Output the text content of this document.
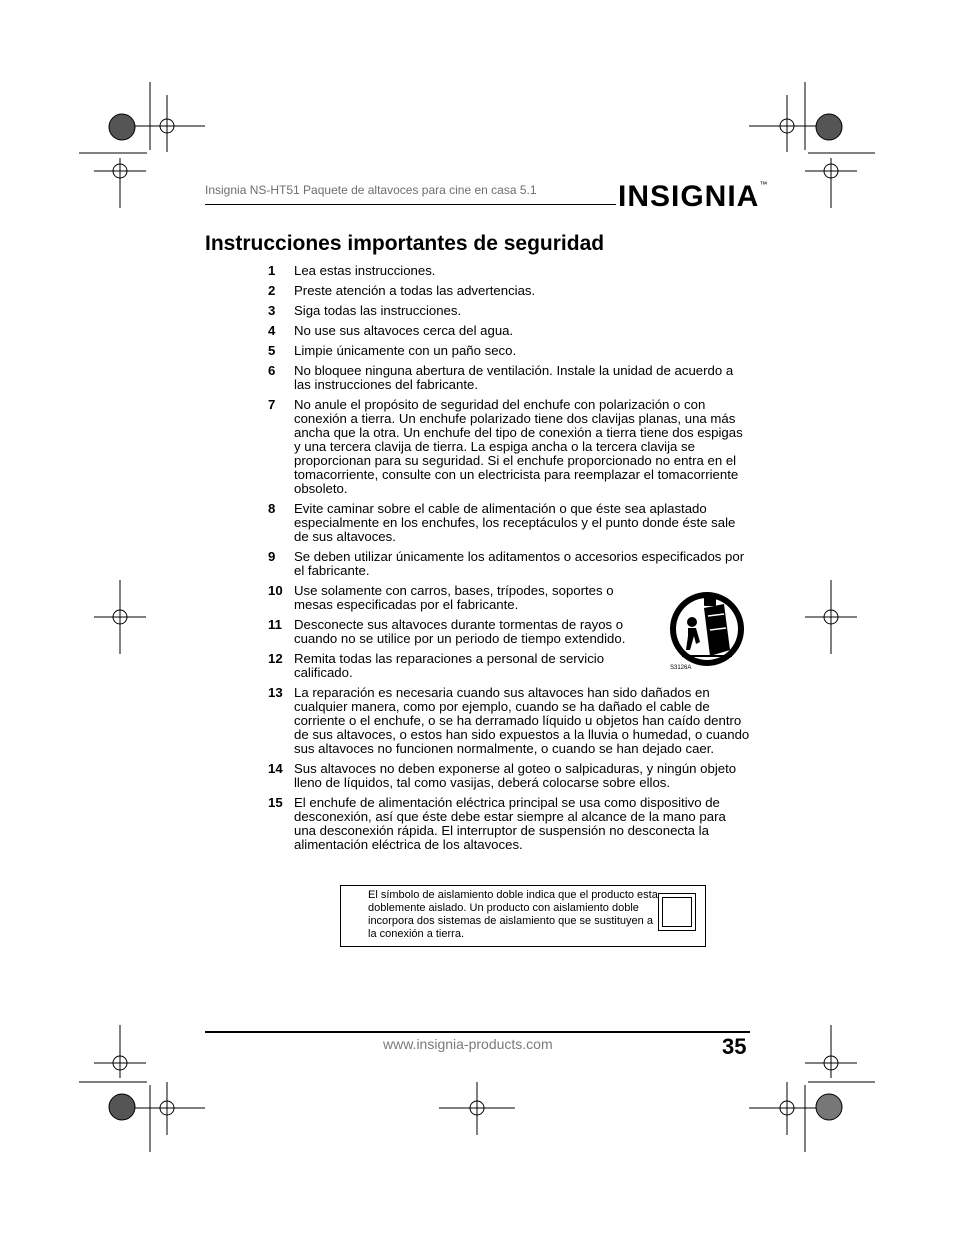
Insignia NS-HT51 Paquete de altavoces para cine en casa 5.1	INSIGNIA™
Instrucciones importantes de seguridad
1	Lea estas instrucciones.
2	Preste atención a todas las advertencias.
3	Siga todas las instrucciones.
4	No use sus altavoces cerca del agua.
5	Limpie únicamente con un paño seco.
6	No bloquee ninguna abertura de ventilación. Instale la unidad de acuerdo a las instrucciones del fabricante.
7	No anule el propósito de seguridad del enchufe con polarización o con conexión a tierra. Un enchufe polarizado tiene dos clavijas planas, una más ancha que la otra. Un enchufe del tipo de conexión a tierra tiene dos espigas y una tercera clavija de tierra. La espiga ancha o la tercera clavija se proporcionan para su seguridad. Si el enchufe proporcionado no entra en el tomacorriente, consulte con un electricista para reemplazar el tomacorriente obsoleto.
8	Evite caminar sobre el cable de alimentación o que éste sea aplastado especialmente en los enchufes, los receptáculos y el punto donde éste sale de sus altavoces.
9	Se deben utilizar únicamente los aditamentos o accesorios especificados por el fabricante.
10 Use solamente con carros, bases, trípodes, soportes o mesas especificadas por el fabricante.
11 Desconecte sus altavoces durante tormentas de rayos o cuando no se utilice por un periodo de tiempo extendido.
12 Remita todas las reparaciones a personal de servicio calificado.
13 La reparación es necesaria cuando sus altavoces han sido dañados en cualquier manera, como por ejemplo, cuando se ha dañado el cable de corriente o el enchufe, o se ha derramado líquido u objetos han caído dentro de sus altavoces, o estos han sido expuestos a la lluvia o humedad, o cuando sus altavoces no funcionen normalmente, o cuando se han dejado caer.
14 Sus altavoces no deben exponerse al goteo o salpicaduras, y ningún objeto lleno de líquidos, tal como vasijas, deberá colocarse sobre ellos.
15 El enchufe de alimentación eléctrica principal se usa como dispositivo de desconexión, así que éste debe estar siempre al alcance de la mano para una desconexión rápida. El interruptor de suspensión no desconecta la alimentación eléctrica de los altavoces.
S3126A
El símbolo de aislamiento doble indica que el producto esta doblemente aislado. Un producto con aislamiento doble incorpora dos sistemas de aislamiento que se sustituyen a la conexión a tierra.
www.insignia-products.com	35
